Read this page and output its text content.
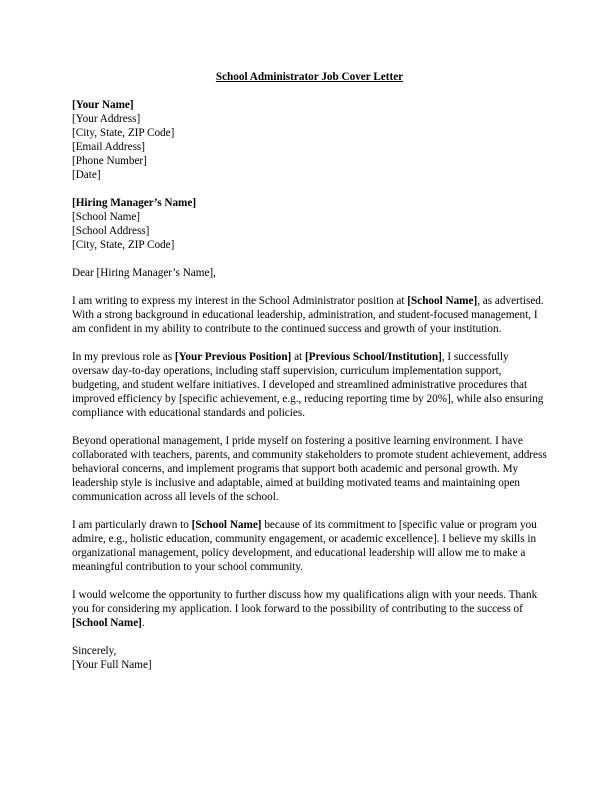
School Administrator Job Cover Letter
[Your Name]
[Your Address]
[City, State, ZIP Code]
[Email Address]
[Phone Number]
[Date]
[Hiring Manager’s Name]
[School Name]
[School Address]
[City, State, ZIP Code]

Dear [Hiring Manager’s Name],

I am writing to express my interest in the School Administrator position at [School Name], as advertised. With a strong background in educational leadership, administration, and student-focused management, I am confident in my ability to contribute to the continued success and growth of your institution.

In my previous role as [Your Previous Position] at [Previous School/Institution], I successfully oversaw day-to-day operations, including staff supervision, curriculum implementation support, budgeting, and student welfare initiatives. I developed and streamlined administrative procedures that improved efficiency by [specific achievement, e.g., reducing reporting time by 20%], while also ensuring compliance with educational standards and policies.

Beyond operational management, I pride myself on fostering a positive learning environment. I have collaborated with teachers, parents, and community stakeholders to promote student achievement, address behavioral concerns, and implement programs that support both academic and personal growth. My leadership style is inclusive and adaptable, aimed at building motivated teams and maintaining open communication across all levels of the school.

I am particularly drawn to [School Name] because of its commitment to [specific value or program you admire, e.g., holistic education, community engagement, or academic excellence]. I believe my skills in organizational management, policy development, and educational leadership will allow me to make a meaningful contribution to your school community.

I would welcome the opportunity to further discuss how my qualifications align with your needs. Thank you for considering my application. I look forward to the possibility of contributing to the success of [School Name].

Sincerely,
[Your Full Name]
